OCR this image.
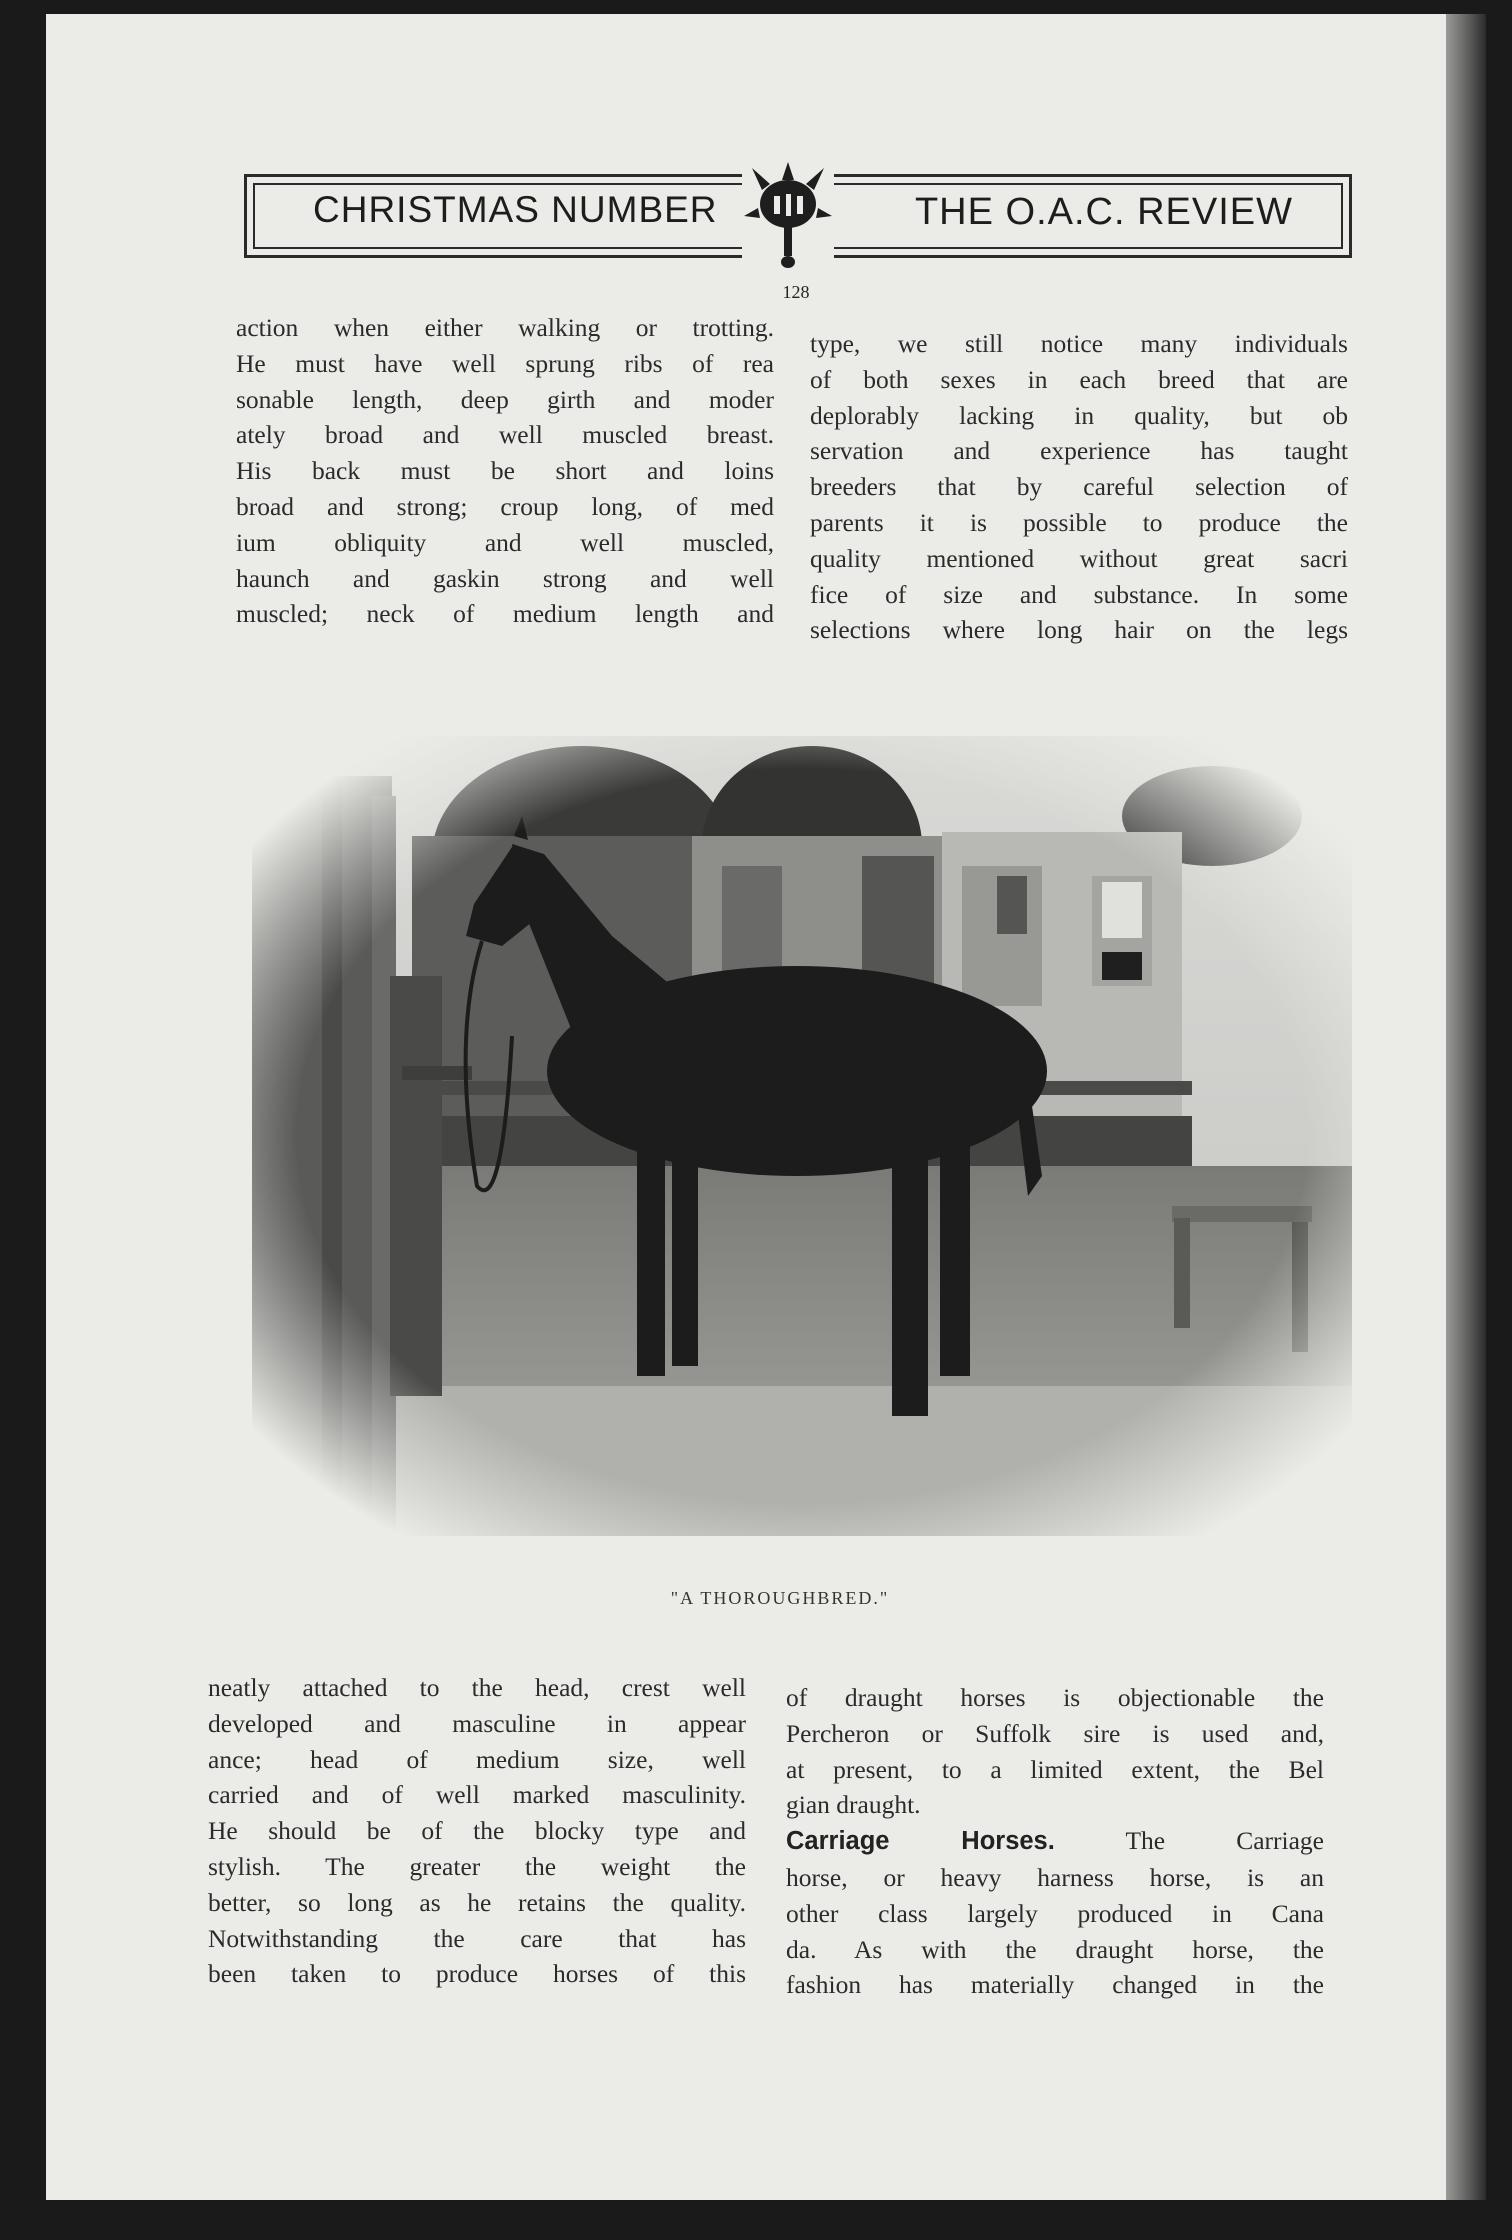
CHRISTMAS NUMBER	THE O.A.C. REVIEW
128

action when either walking or trotting.

He must have well sprung ribs of rea

sonable length, deep girth and moder

ately broad and well muscled breast.

His back must be short and loins

broad and strong; croup long, of med

ium obliquity and well muscled,

haunch and gaskin strong and well

muscled; neck of medium length and

type, we still notice many individuals

of both sexes in each breed that are

deplorably lacking in quality, but ob

servation and experience has taught

breeders that by careful selection of

parents it is possible to produce the

quality mentioned without great sacri

fice of size and substance. In some

selections where long hair on the legs

"A THOROUGHBRED."

neatly attached to the head, crest well

developed and masculine in appear

ance; head of medium size, well

carried and of well marked masculinity.

He should be of the blocky type and

stylish. The greater the weight the

better, so long as he retains the quality.

Notwithstanding the care that has

been taken to produce horses of this

of draught horses is objectionable the

Percheron or Suffolk sire is used and,

at present, to a limited extent, the Bel

gian draught.

Carriage Horses.	The Carriage

horse, or heavy harness horse, is an

other class largely produced in Cana

da. As with the draught horse, the

fashion has materially changed in the
